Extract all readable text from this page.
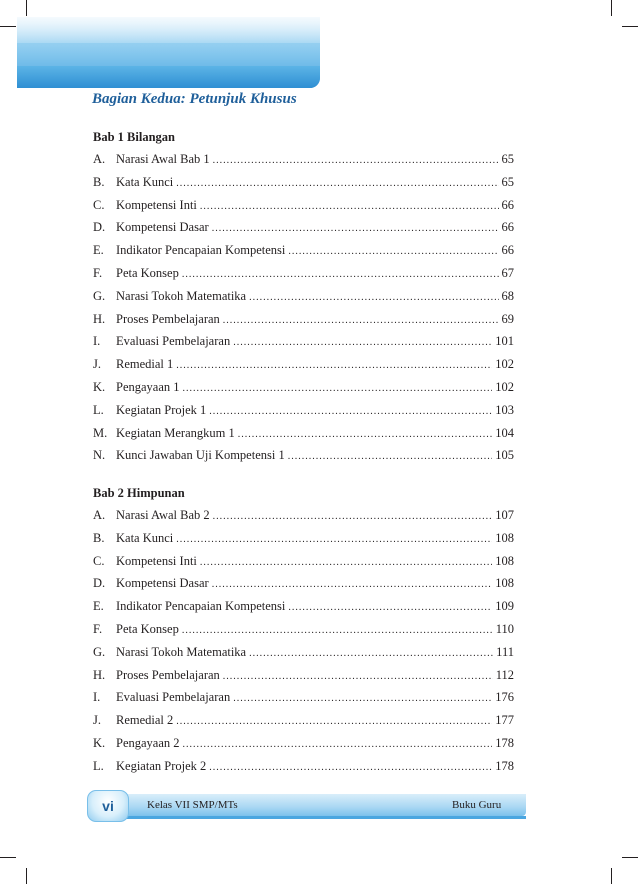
Bagian Kedua: Petunjuk Khusus
Bab 1 Bilangan
A. Narasi Awal Bab 1 .....	65
B. Kata Kunci .....	65
C. Kompetensi Inti .....	66
D. Kompetensi Dasar .....	66
E. Indikator Pencapaian Kompetensi .....	66
F.	Peta Konsep .....	67
G. Narasi Tokoh Matematika .....	68
H. Proses Pembelajaran .....	69
I.	Evaluasi Pembelajaran .....	101
J.	Remedial 1 .....	102
K. Pengayaan 1 .....	102
L. Kegiatan Projek 1 .....	103
M. Kegiatan Merangkum 1 .....	104
N. Kunci Jawaban Uji Kompetensi 1 .....	105
Bab 2 Himpunan
A. Narasi Awal Bab 2 .....	107
B. Kata Kunci .....	108
C. Kompetensi Inti .....	108
D. Kompetensi Dasar .....	108
E. Indikator Pencapaian Kompetensi .....	109
F.	Peta Konsep .....	110
G. Narasi Tokoh Matematika .....	111
H. Proses Pembelajaran .....	112
I.	Evaluasi Pembelajaran .....	176
J.	Remedial 2 .....	177
K. Pengayaan 2 .....	178
L. Kegiatan Projek 2 .....	178
vi	Kelas VII SMP/MTs	Buku Guru
